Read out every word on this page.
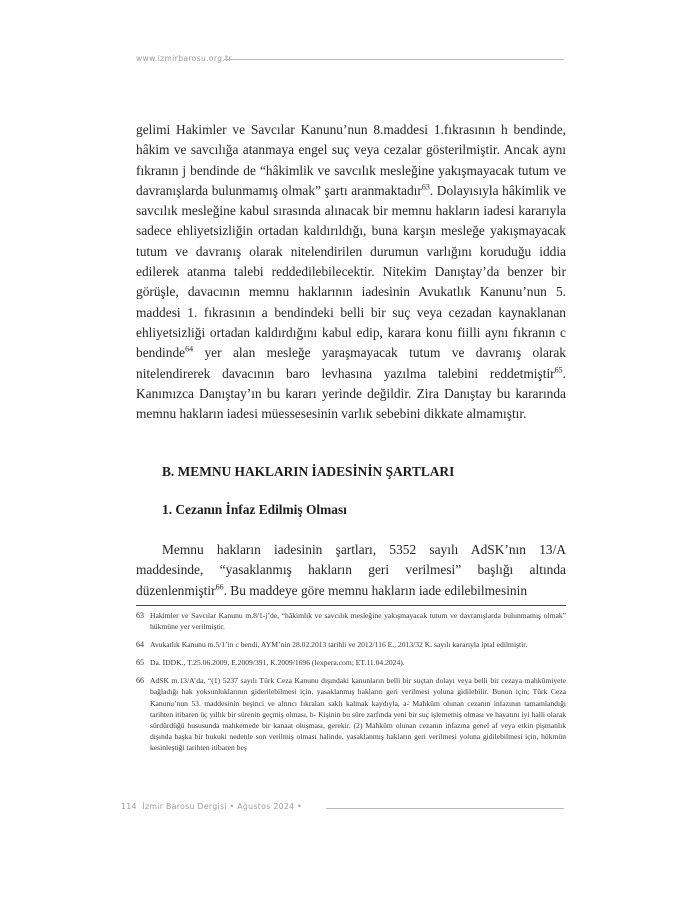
www.izmirbarosu.org.tr

gelimi Hakimler ve Savcılar Kanunu’nun 8.maddesi 1.fıkrasının h bendinde, hâkim ve savcılığa atanmaya engel suç veya cezalar gösterilmiştir. Ancak aynı fıkranın j bendinde de “hâkimlik ve savcılık mesleğine yakışmayacak tutum ve davranışlarda bulunmamış olmak” şartı aranmaktadır$^{63}$. Dolayısıyla hâkimlik ve savcılık mesleğine kabul sırasında alınacak bir memnu hakların iadesi kararıyla sadece ehliyetsizliğin ortadan kaldırıldığı, buna karşın mesleğe yakışmayacak tutum ve davranış olarak nitelendirilen durumun varlığını koruduğu iddia edilerek atanma talebi reddedilebilecektir. Nitekim Danıştay’da benzer bir görüşle, davacının memnu haklarının iadesinin Avukatlık Kanunu’nun 5. maddesi 1. fıkrasının a bendindeki belli bir suç veya cezadan kaynaklanan ehliyetsizliği ortadan kaldırdığını kabul edip, karara konu fiilli aynı fıkranın c bendinde$^{64}$ yer alan mesleğe yaraşmayacak tutum ve davranış olarak nitelendirerek davacının baro levhasına yazılma talebini reddetmiştir$^{65}$. Kanımızca Danıştay’ın bu kararı yerinde değildir. Zira Danıştay bu kararında memnu hakların iadesi müessesesinin varlık sebebini dikkate almamıştır.

B. MEMNU HAKLARIN İADESİNİN ŞARTLARI
1. Cezanın İnfaz Edilmiş Olması
Memnu hakların iadesinin şartları, 5352 sayılı AdSK’nın 13/A maddesinde, “yasaklanmış hakların geri verilmesi” başlığı altında düzenlenmiştir$^{66}$. Bu maddeye göre memnu hakların iade edilebilmesinin
63 Hakimler ve Savcılar Kanunu m.8/1-j’de, “hâkimlik ve savcılık mesleğine yakışmayacak tutum ve davranışlarda bulunmamış olmak” hükmüne yer verilmiştir.
64 Avukatlık Kanunu m.5/1’in c bendi, AYM’nin 28.02.2013 tarihli ve 2012/116 E., 2013/32 K. sayılı kararıyla iptal edilmiştir.
65 Da. İDDK., T.25.06.2009, E.2009/391, K.2009/1696 (lexpera.com; ET.11.04.2024).
66 AdSK m.13/A’da, “(1) 5237 sayılı Türk Ceza Kanunu dışındaki kanunların belli bir suçtan dolayı veya belli bir cezaya mahkûmiyete bağladığı hak yoksunluklarının giderilebilmesi için, yasaklanmış hakların geri verilmesi yoluna gidilebilir. Bunun için; Türk Ceza Kanunu’nun 53. maddesinin beşinci ve altıncı fıkraları saklı kalmak kaydıyla, a- Mahkûm olunan cezanın infazının tamamlandığı tarihten itibaren üç yıllık bir sürenin geçmiş olması, b- Kişinin bu süre zarfında yeni bir suç işlememiş olması ve hayatını iyi halli olarak sürdürdüğü hususunda mahkemede bir kanaat oluşması, gerekir. (2) Mahkûm olunan cezanın infazına genel af veya etkin pişmanlık dışında başka bir hukuki nedenle son verilmiş olması halinde, yasaklanmış hakların geri verilmesi yoluna gidilebilmesi için, hükmün kesinleştiği tarihten itibaren beş
114 İzmir Barosu Dergisi • Ağustos 2024 •
